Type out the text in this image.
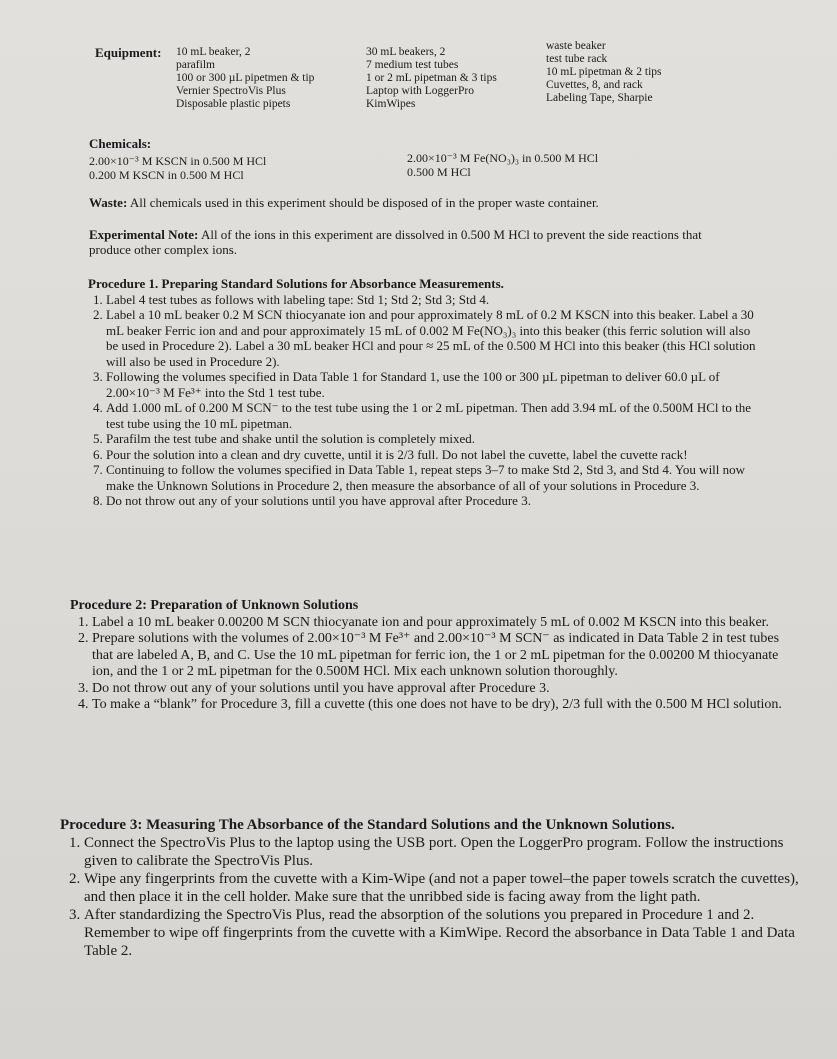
Equipment: 10 mL beaker, 2
parafilm
100 or 300 µL pipetmen & tip
Vernier SpectroVis Plus
Disposable plastic pipets
30 mL beakers, 2
7 medium test tubes
1 or 2 mL pipetman & 3 tips
Laptop with LoggerPro
KimWipes
waste beaker
test tube rack
10 mL pipetman & 2 tips
Cuvettes, 8, and rack
Labeling Tape, Sharpie
Chemicals:
2.00×10⁻³ M KSCN in 0.500 M HCl
0.200 M KSCN in 0.500 M HCl
2.00×10⁻³ M Fe(NO₃)₃ in 0.500 M HCl
0.500 M HCl
Waste: All chemicals used in this experiment should be disposed of in the proper waste container.
Experimental Note: All of the ions in this experiment are dissolved in 0.500 M HCl to prevent the side reactions that produce other complex ions.
Procedure 1. Preparing Standard Solutions for Absorbance Measurements.
1. Label 4 test tubes as follows with labeling tape: Std 1; Std 2; Std 3; Std 4.
2. Label a 10 mL beaker 0.2 M SCN thiocyanate ion and pour approximately 8 mL of 0.2 M KSCN into this beaker. Label a 30 mL beaker Ferric ion and and pour approximately 15 mL of 0.002 M Fe(NO₃)₃ into this beaker (this ferric solution will also be used in Procedure 2). Label a 30 mL beaker HCl and pour ≈ 25 mL of the 0.500 M HCl into this beaker (this HCl solution will also be used in Procedure 2).
3. Following the volumes specified in Data Table 1 for Standard 1, use the 100 or 300 µL pipetman to deliver 60.0 µL of 2.00×10⁻³ M Fe³⁺ into the Std 1 test tube.
4. Add 1.000 mL of 0.200 M SCN⁻ to the test tube using the 1 or 2 mL pipetman. Then add 3.94 mL of the 0.500M HCl to the test tube using the 10 mL pipetman.
5. Parafilm the test tube and shake until the solution is completely mixed.
6. Pour the solution into a clean and dry cuvette, until it is 2/3 full. Do not label the cuvette, label the cuvette rack!
7. Continuing to follow the volumes specified in Data Table 1, repeat steps 3–7 to make Std 2, Std 3, and Std 4. You will now make the Unknown Solutions in Procedure 2, then measure the absorbance of all of your solutions in Procedure 3.
8. Do not throw out any of your solutions until you have approval after Procedure 3.
Procedure 2: Preparation of Unknown Solutions
1. Label a 10 mL beaker 0.00200 M SCN thiocyanate ion and pour approximately 5 mL of 0.002 M KSCN into this beaker.
2. Prepare solutions with the volumes of 2.00×10⁻³ M Fe³⁺ and 2.00×10⁻³ M SCN⁻ as indicated in Data Table 2 in test tubes that are labeled A, B, and C. Use the 10 mL pipetman for ferric ion, the 1 or 2 mL pipetman for the 0.00200 M thiocyanate ion, and the 1 or 2 mL pipetman for the 0.500M HCl. Mix each unknown solution thoroughly.
3. Do not throw out any of your solutions until you have approval after Procedure 3.
4. To make a “blank” for Procedure 3, fill a cuvette (this one does not have to be dry), 2/3 full with the 0.500 M HCl solution.
Procedure 3: Measuring The Absorbance of the Standard Solutions and the Unknown Solutions.
1. Connect the SpectroVis Plus to the laptop using the USB port. Open the LoggerPro program. Follow the instructions given to calibrate the SpectroVis Plus.
2. Wipe any fingerprints from the cuvette with a Kim-Wipe (and not a paper towel–the paper towels scratch the cuvettes), and then place it in the cell holder. Make sure that the unribbed side is facing away from the light path.
3. After standardizing the SpectroVis Plus, read the absorption of the solutions you prepared in Procedure 1 and 2. Remember to wipe off fingerprints from the cuvette with a KimWipe. Record the absorbance in Data Table 1 and Data Table 2.
